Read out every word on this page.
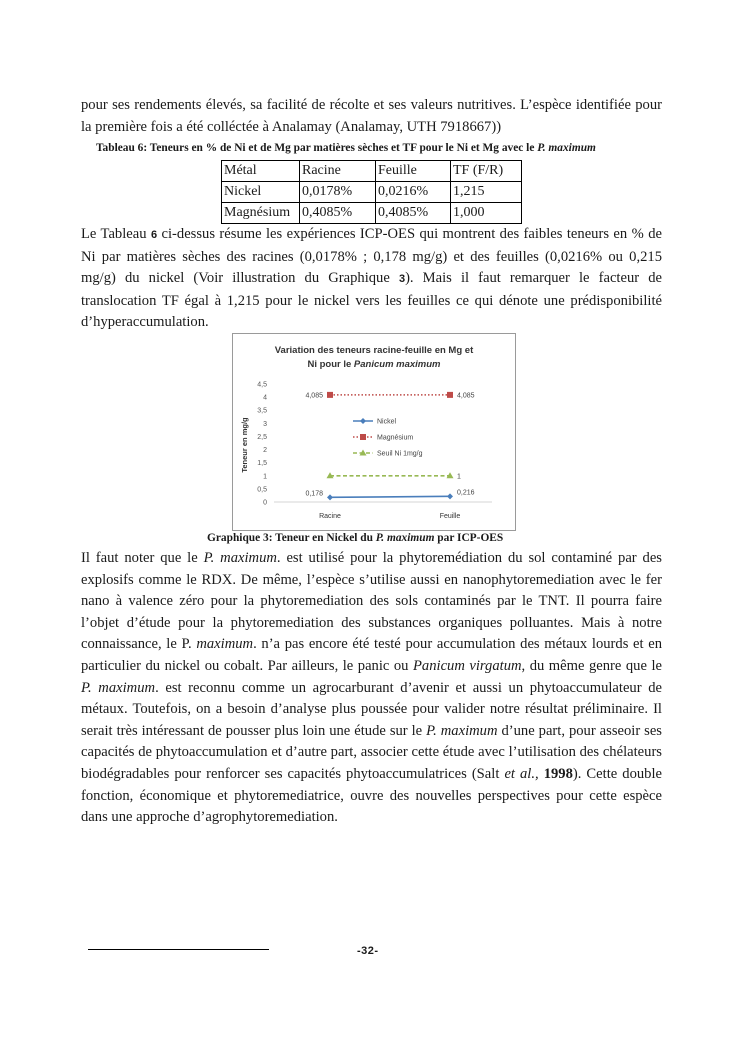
pour ses rendements élevés, sa facilité de récolte et ses valeurs nutritives. L’espèce identifiée pour la première fois a été colléctée à Analamay (Analamay, UTH 7918667))

Tableau 6: Teneurs en % de Ni et de Mg par matières sèches et TF pour le Ni et Mg avec le P. maximum
Métal	Racine	Feuille	TF (F/R)
Nickel	0,0178%	0,0216%	1,215
Magnésium	0,4085%	0,4085%	1,000

Le Tableau 6 ci-dessus résume les expériences ICP-OES qui montrent des faibles teneurs en % de Ni par matières sèches des racines (0,0178% ; 0,178 mg/g) et des feuilles (0,0216% ou 0,215 mg/g) du nickel (Voir illustration du Graphique 3). Mais il faut remarquer le facteur de translocation TF égal à 1,215 pour le nickel vers les feuilles ce qui dénote une prédisponibilité d’hyperaccumulation.

Variation des teneurs racine-feuille en Mg et
Ni pour le Panicum maximum
Teneur en mg/g
0
0,5
1
1,5
2
2,5
3
3,5
4
4,5
Racine	Feuille
0,178	0,216
4,085	4,085
1
Nickel
Magnésium
Seuil Ni 1mg/g
Graphique 3: Teneur en Nickel du P. maximum par ICP-OES

Il faut noter que le P. maximum. est utilisé pour la phytoremédiation du sol contaminé par des explosifs comme le RDX. De même, l’espèce s’utilise aussi en nanophytoremediation avec le fer nano à valence zéro pour la phytoremediation des sols contaminés par le TNT. Il pourra faire l’objet d’étude pour la phytoremediation des substances organiques polluantes. Mais à notre connaissance, le P. maximum. n’a pas encore été testé pour accumulation des métaux lourds et en particulier du nickel ou cobalt. Par ailleurs, le panic ou Panicum virgatum, du même genre que le P. maximum. est reconnu comme un agrocarburant d’avenir et aussi un phytoaccumulateur de métaux. Toutefois, on a besoin d’analyse plus poussée pour valider notre résultat préliminaire. Il serait très intéressant de pousser plus loin une étude sur le P. maximum d’une part, pour asseoir ses capacités de phytoaccumulation et d’autre part, associer cette étude avec l’utilisation des chélateurs biodégradables pour renforcer ses capacités phytoaccumulatrices (Salt et al., 1998). Cette double fonction, économique et phytoremediatrice, ouvre des nouvelles perspectives pour cette espèce dans une approche d’agrophytoremediation.

-32-
